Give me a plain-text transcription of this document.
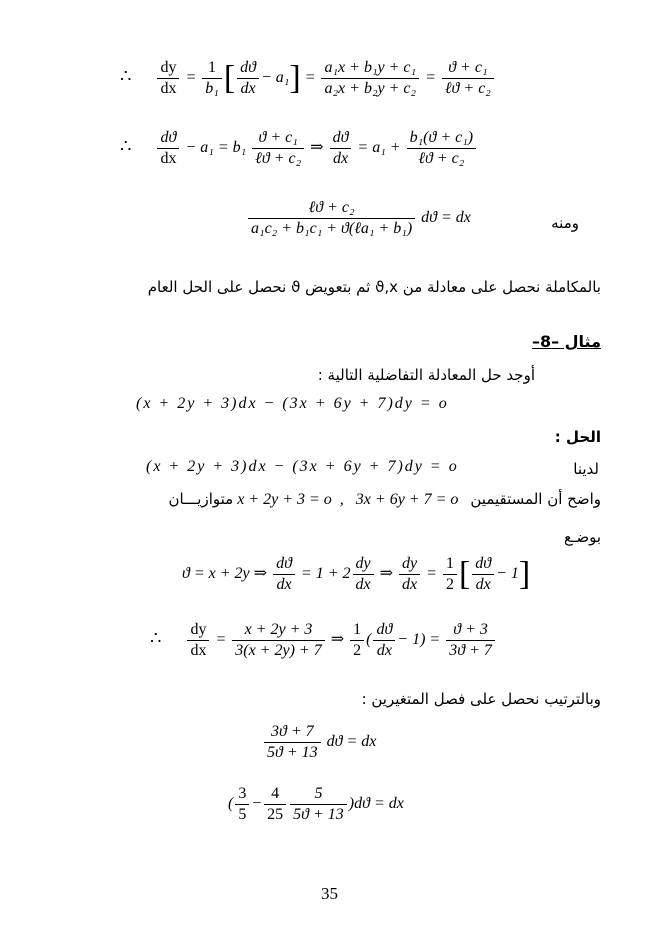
∴ $\frac{dy}{dx} = \frac{1}{\text{b₁}}$ [ $\frac{dϑ}{dx} - a_1] = \frac{\text{a₁x + b₁y + c₁}}{\text{a₂x + b₂y + c₂}} = \frac{\text{ϑ + c₁}}{\text{ℓϑ + c₂}}$
∴ $\frac{dϑ}{dx} - a_1 = b_1 \frac{\text{ϑ + c₁}}{\text{ℓϑ + c₂}}$ ⇒ $\frac{dϑ}{dx} = a_1 + \frac{\text{b₁(ϑ + c₁)}}{\text{ℓϑ + c₂}}$
$\frac{\text{ℓϑ + c₂}}{\text{a₁c₂ + b₁c₁ + ϑ(ℓa₁ + b₁)}}$ dϑ = dx	ومنه
بالمكاملة نحصل على معادلة من ϑ,x ثم بتعويض ϑ نحصل على الحل العام
مثال –8–
أوجد حل المعادلة التفاضلية التالية :
(x + 2y + 3)dx − (3x + 6y + 7)dy = o
الحل :
لدينا
(x + 2y + 3)dx − (3x + 6y + 7)dy = o
واضح أن المستقيمين   x + 2y + 3 = o , 3x + 6y + 7 = o متوازيـــان
بوضـع
ϑ = x + 2y ⇒ $\frac{dϑ}{dx} = 1 + 2 \frac{dy}{dx}$ ⇒ $\frac{dy}{dx} = \frac{1}{2}$ [ $\frac{dϑ}{dx} - 1$]
∴ $\frac{dy}{dx} = \frac{x + 2y + 3}{3(x + 2y) + 7}$ ⇒ $\frac{1}{2}$ ( $\frac{dϑ}{dx} - 1) = \frac{ϑ + 3}{3ϑ + 7}$
وبالترتيب نحصل على فصل المتغيرين :
$\frac{3ϑ + 7}{5ϑ + 13}$ dϑ = dx
( $\frac{3}{5} - \frac{4}{25} \frac{5}{5ϑ + 13} )dϑ$ = dx
35
